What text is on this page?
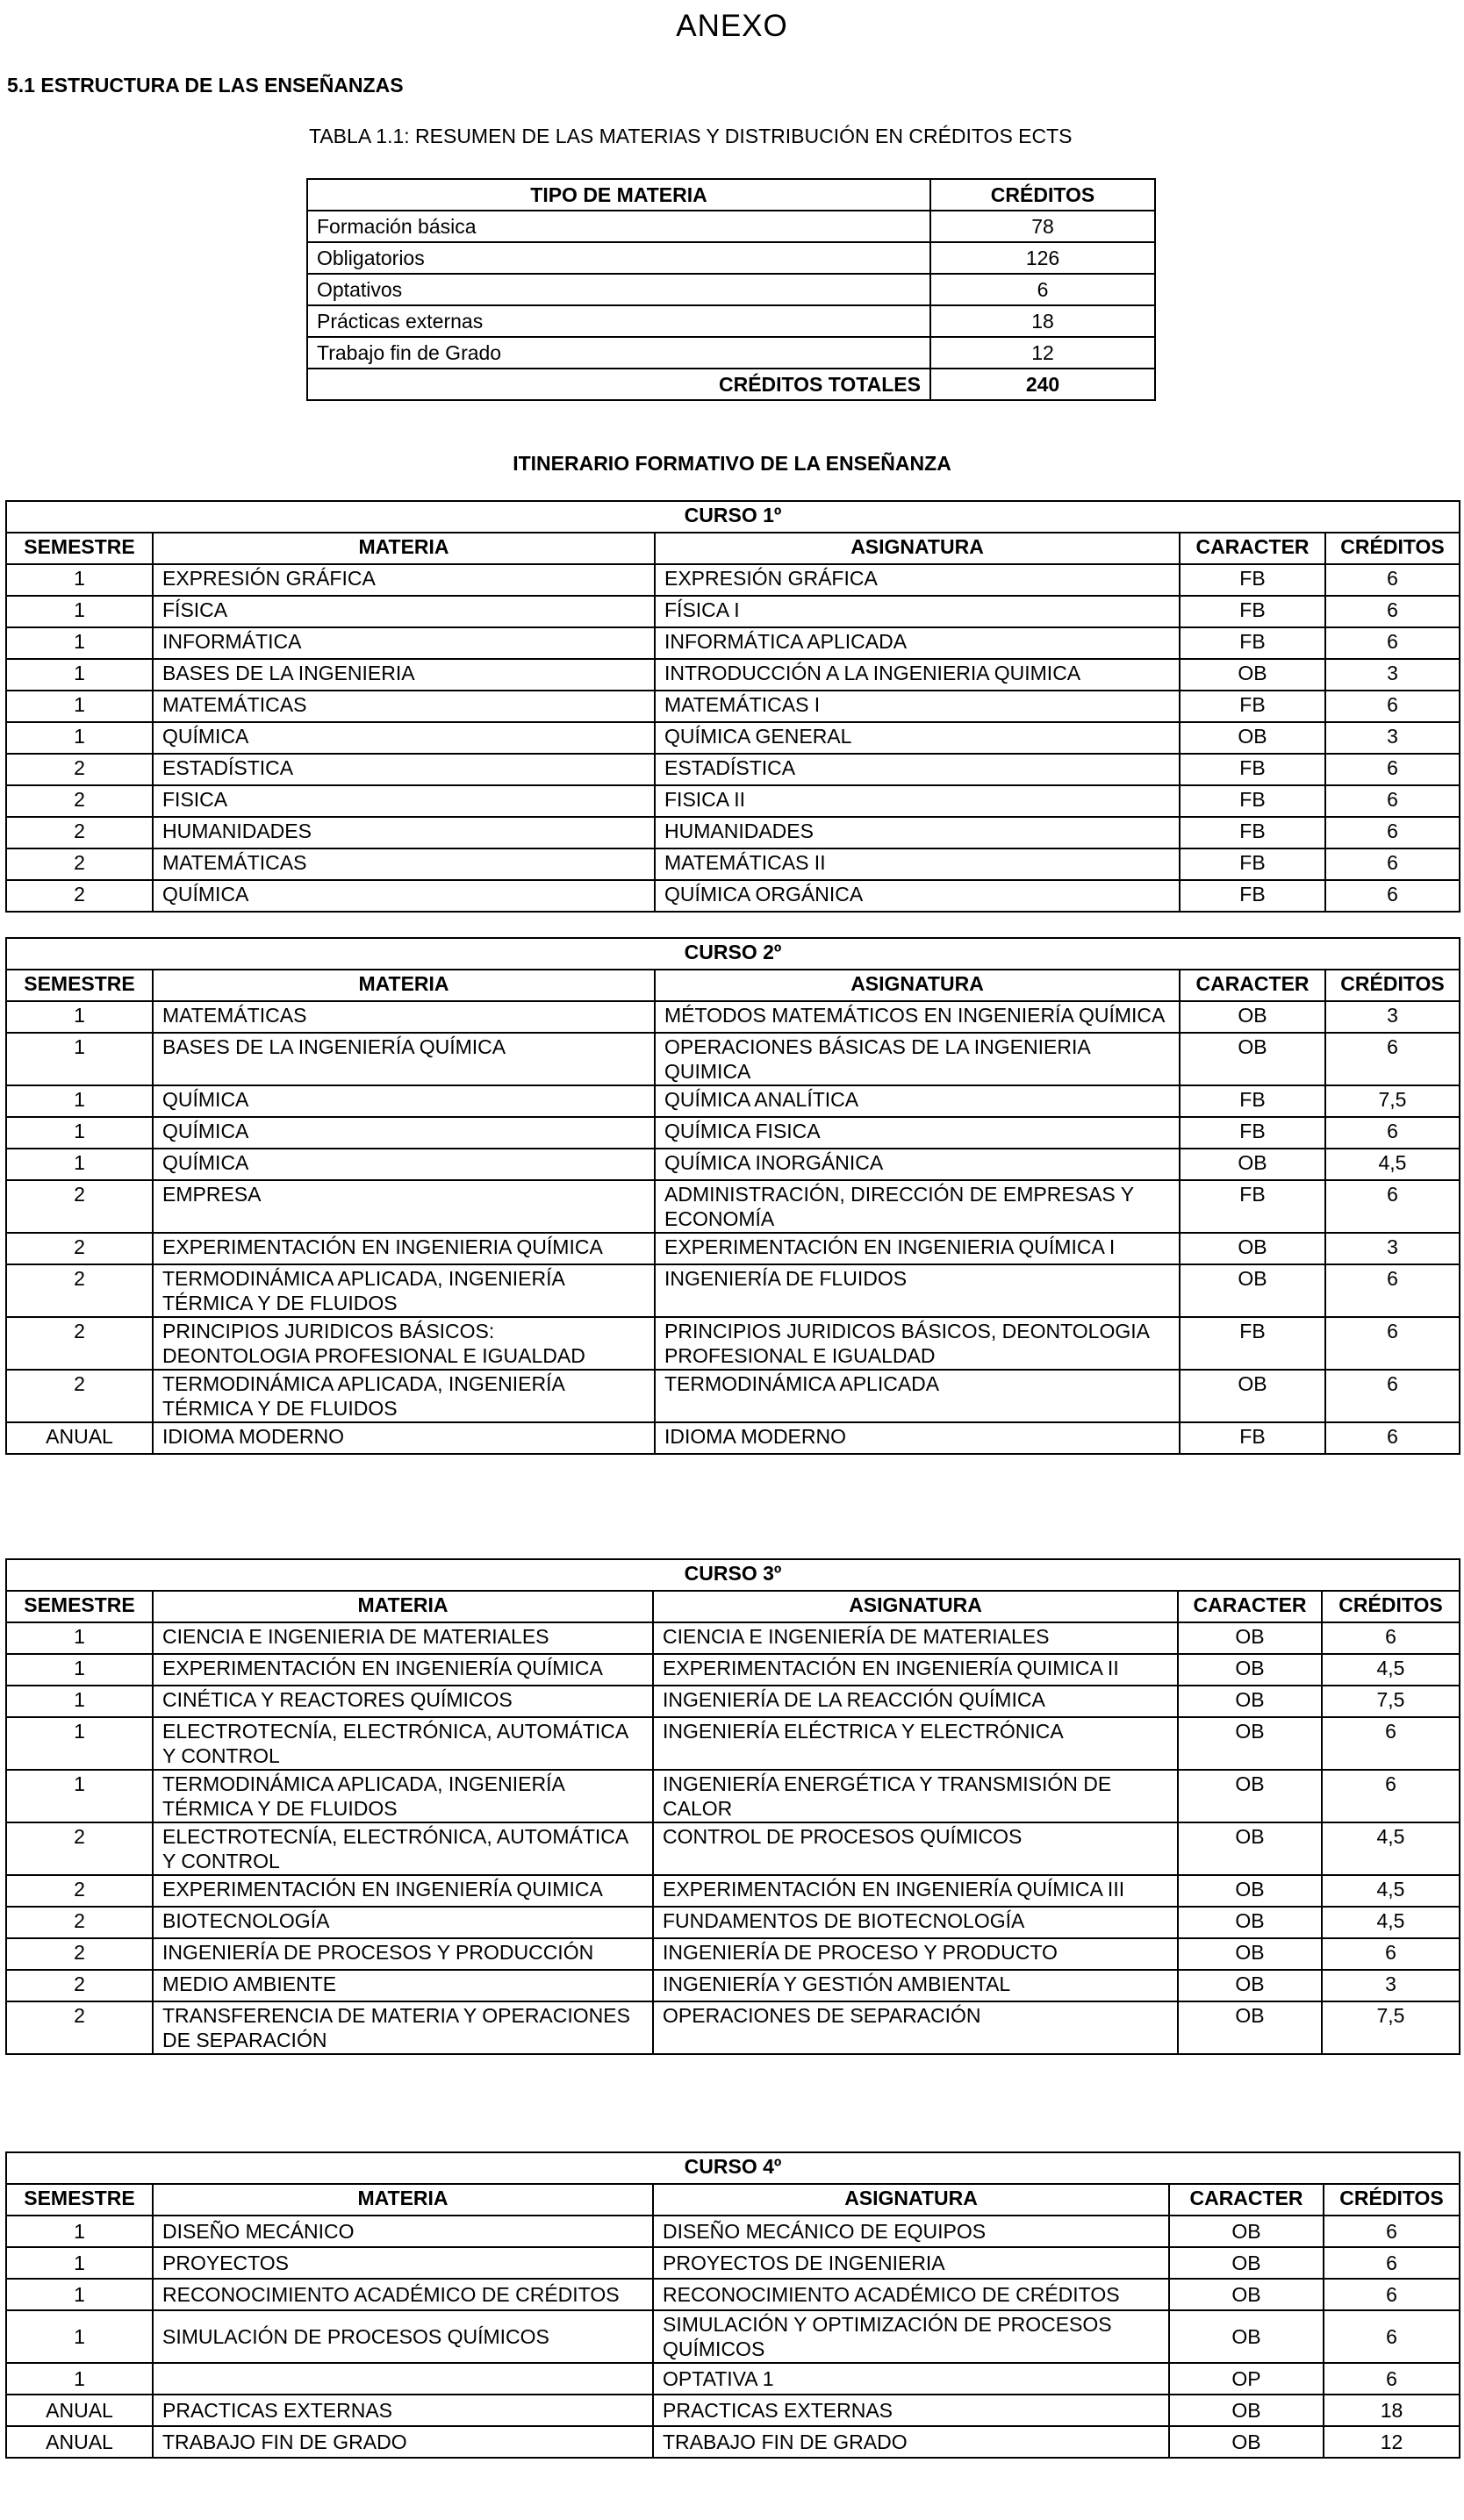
ANEXO
5.1 ESTRUCTURA DE LAS ENSEÑANZAS
TABLA 1.1: RESUMEN DE LAS MATERIAS Y DISTRIBUCIÓN EN CRÉDITOS ECTS
TIPO DE MATERIA	CRÉDITOS
Formación básica	78
Obligatorios	126
Optativos	6
Prácticas externas	18
Trabajo fin de Grado	12
CRÉDITOS TOTALES	240
ITINERARIO FORMATIVO DE LA ENSEÑANZA
CURSO 1º				
SEMESTRE	MATERIA	ASIGNATURA	CARACTER	CRÉDITOS
1	EXPRESIÓN GRÁFICA	EXPRESIÓN GRÁFICA	FB	6
1	FÍSICA	FÍSICA I	FB	6
1	INFORMÁTICA	INFORMÁTICA APLICADA	FB	6
1	BASES DE LA INGENIERIA	INTRODUCCIÓN A LA INGENIERIA QUIMICA	OB	3
1	MATEMÁTICAS	MATEMÁTICAS I	FB	6
1	QUÍMICA	QUÍMICA GENERAL	OB	3
2	ESTADÍSTICA	ESTADÍSTICA	FB	6
2	FISICA	FISICA II	FB	6
2	HUMANIDADES	HUMANIDADES	FB	6
2	MATEMÁTICAS	MATEMÁTICAS II	FB	6
2	QUÍMICA	QUÍMICA ORGÁNICA	FB	6
CURSO 2º				
SEMESTRE	MATERIA	ASIGNATURA	CARACTER	CRÉDITOS
1	MATEMÁTICAS	MÉTODOS MATEMÁTICOS EN INGENIERÍA QUÍMICA	OB	3
1	BASES DE LA INGENIERÍA QUÍMICA	OPERACIONES BÁSICAS DE LA INGENIERIA QUIMICA	OB	6
1	QUÍMICA	QUÍMICA ANALÍTICA	FB	7,5
1	QUÍMICA	QUÍMICA FISICA	FB	6
1	QUÍMICA	QUÍMICA INORGÁNICA	OB	4,5
2	EMPRESA	ADMINISTRACIÓN, DIRECCIÓN DE EMPRESAS Y ECONOMÍA	FB	6
2	EXPERIMENTACIÓN EN INGENIERIA QUÍMICA	EXPERIMENTACIÓN EN INGENIERIA QUÍMICA I	OB	3
2	TERMODINÁMICA APLICADA, INGENIERÍA TÉRMICA Y DE FLUIDOS	INGENIERÍA DE FLUIDOS	OB	6
2	PRINCIPIOS JURIDICOS BÁSICOS: DEONTOLOGIA PROFESIONAL E IGUALDAD	PRINCIPIOS JURIDICOS BÁSICOS, DEONTOLOGIA PROFESIONAL E IGUALDAD	FB	6
2	TERMODINÁMICA APLICADA, INGENIERÍA TÉRMICA Y DE FLUIDOS	TERMODINÁMICA APLICADA	OB	6
ANUAL	IDIOMA MODERNO	IDIOMA MODERNO	FB	6
CURSO 3º				
SEMESTRE	MATERIA	ASIGNATURA	CARACTER	CRÉDITOS
1	CIENCIA E INGENIERIA DE MATERIALES	CIENCIA E INGENIERÍA DE MATERIALES	OB	6
1	EXPERIMENTACIÓN EN INGENIERÍA QUÍMICA	EXPERIMENTACIÓN EN INGENIERÍA QUIMICA II	OB	4,5
1	CINÉTICA Y REACTORES QUÍMICOS	INGENIERÍA DE LA REACCIÓN QUÍMICA	OB	7,5
1	ELECTROTECNÍA, ELECTRÓNICA, AUTOMÁTICA Y CONTROL	INGENIERÍA ELÉCTRICA Y ELECTRÓNICA	OB	6
1	TERMODINÁMICA APLICADA, INGENIERÍA TÉRMICA Y DE FLUIDOS	INGENIERÍA ENERGÉTICA Y TRANSMISIÓN DE CALOR	OB	6
2	ELECTROTECNÍA, ELECTRÓNICA, AUTOMÁTICA Y CONTROL	CONTROL DE PROCESOS QUÍMICOS	OB	4,5
2	EXPERIMENTACIÓN EN INGENIERÍA QUIMICA	EXPERIMENTACIÓN EN INGENIERÍA QUÍMICA III	OB	4,5
2	BIOTECNOLOGÍA	FUNDAMENTOS DE BIOTECNOLOGÍA	OB	4,5
2	INGENIERÍA DE PROCESOS Y PRODUCCIÓN	INGENIERÍA DE PROCESO Y PRODUCTO	OB	6
2	MEDIO AMBIENTE	INGENIERÍA Y GESTIÓN AMBIENTAL	OB	3
2	TRANSFERENCIA DE MATERIA Y OPERACIONES DE SEPARACIÓN	OPERACIONES DE SEPARACIÓN	OB	7,5
CURSO 4º				
SEMESTRE	MATERIA	ASIGNATURA	CARACTER	CRÉDITOS
1	DISEÑO MECÁNICO	DISEÑO MECÁNICO DE EQUIPOS	OB	6
1	PROYECTOS	PROYECTOS DE INGENIERIA	OB	6
1	RECONOCIMIENTO ACADÉMICO DE CRÉDITOS	RECONOCIMIENTO ACADÉMICO DE CRÉDITOS	OB	6
1	SIMULACIÓN DE PROCESOS QUÍMICOS	SIMULACIÓN Y OPTIMIZACIÓN DE PROCESOS QUÍMICOS	OB	6
1		OPTATIVA 1	OP	6
ANUAL	PRACTICAS EXTERNAS	PRACTICAS EXTERNAS	OB	18
ANUAL	TRABAJO FIN DE GRADO	TRABAJO FIN DE GRADO	OB	12
